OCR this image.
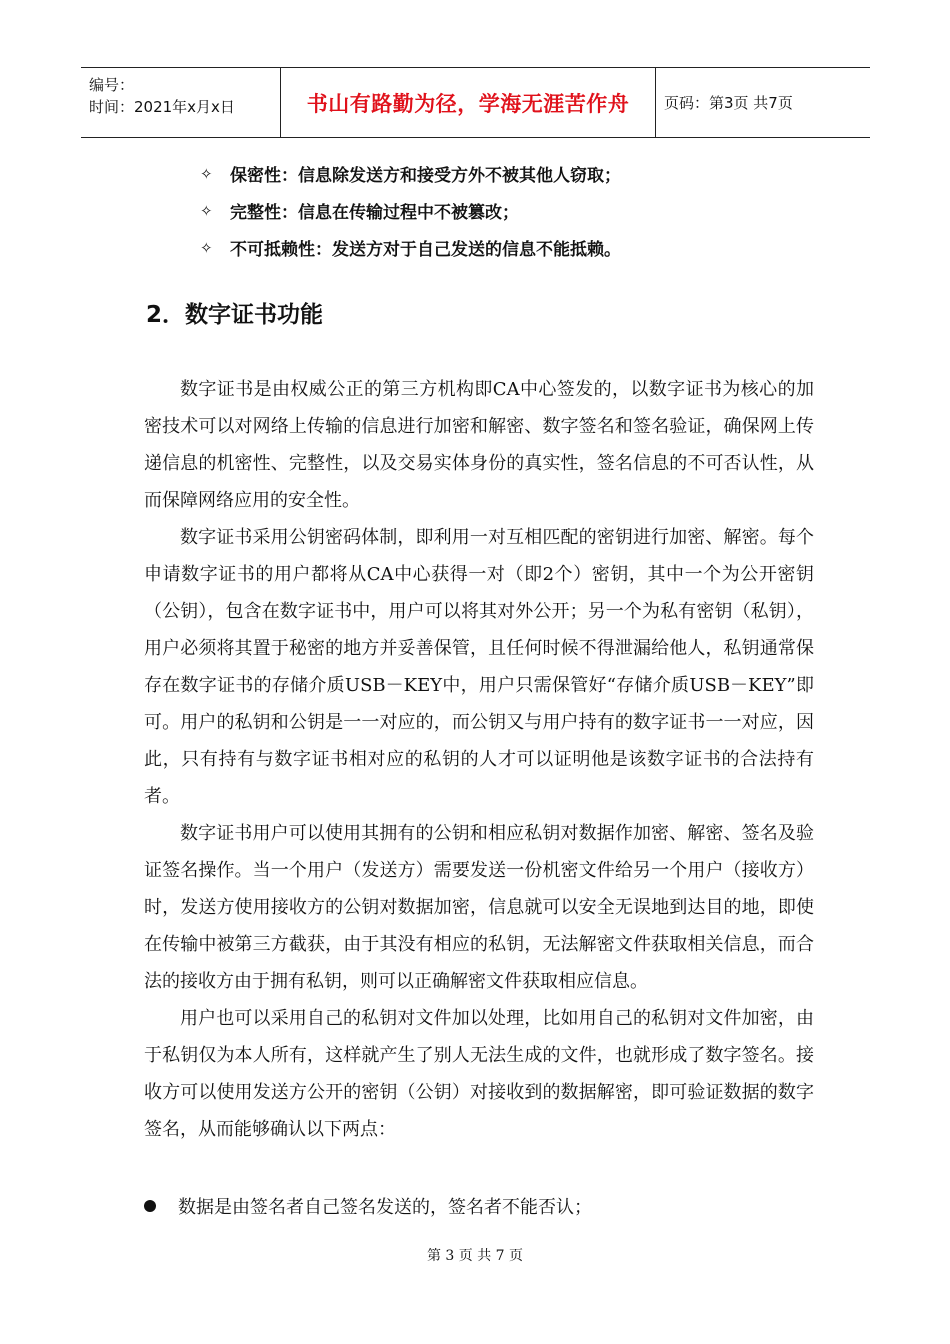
编号：
时间：2021年x月x日	书山有路勤为径，学海无涯苦作舟	页码：第3页 共7页
✧	保密性：信息除发送方和接受方外不被其他人窃取；
✧	完整性：信息在传输过程中不被篡改；
✧	不可抵赖性：发送方对于自己发送的信息不能抵赖。
2．数字证书功能

数字证书是由权威公正的第三方机构即CA中心签发的，以数字证书为核心的加密技术可以对网络上传输的信息进行加密和解密、数字签名和签名验证，确保网上传递信息的机密性、完整性，以及交易实体身份的真实性，签名信息的不可否认性，从而保障网络应用的安全性。

数字证书采用公钥密码体制，即利用一对互相匹配的密钥进行加密、解密。每个申请数字证书的用户都将从CA中心获得一对（即2个）密钥，其中一个为公开密钥（公钥），包含在数字证书中，用户可以将其对外公开；另一个为私有密钥（私钥），用户必须将其置于秘密的地方并妥善保管，且任何时候不得泄漏给他人，私钥通常保存在数字证书的存储介质USB－KEY中，用户只需保管好“存储介质USB－KEY”即可。用户的私钥和公钥是一一对应的，而公钥又与用户持有的数字证书一一对应，因此，只有持有与数字证书相对应的私钥的人才可以证明他是该数字证书的合法持有者。

数字证书用户可以使用其拥有的公钥和相应私钥对数据作加密、解密、签名及验证签名操作。当一个用户（发送方）需要发送一份机密文件给另一个用户（接收方）时，发送方使用接收方的公钥对数据加密，信息就可以安全无误地到达目的地，即使在传输中被第三方截获，由于其没有相应的私钥，无法解密文件获取相关信息，而合法的接收方由于拥有私钥，则可以正确解密文件获取相应信息。

用户也可以采用自己的私钥对文件加以处理，比如用自己的私钥对文件加密，由于私钥仅为本人所有，这样就产生了别人无法生成的文件，也就形成了数字签名。接收方可以使用发送方公开的密钥（公钥）对接收到的数据解密，即可验证数据的数字签名，从而能够确认以下两点：

数据是由签名者自己签名发送的，签名者不能否认；
第 3 页 共 7 页
